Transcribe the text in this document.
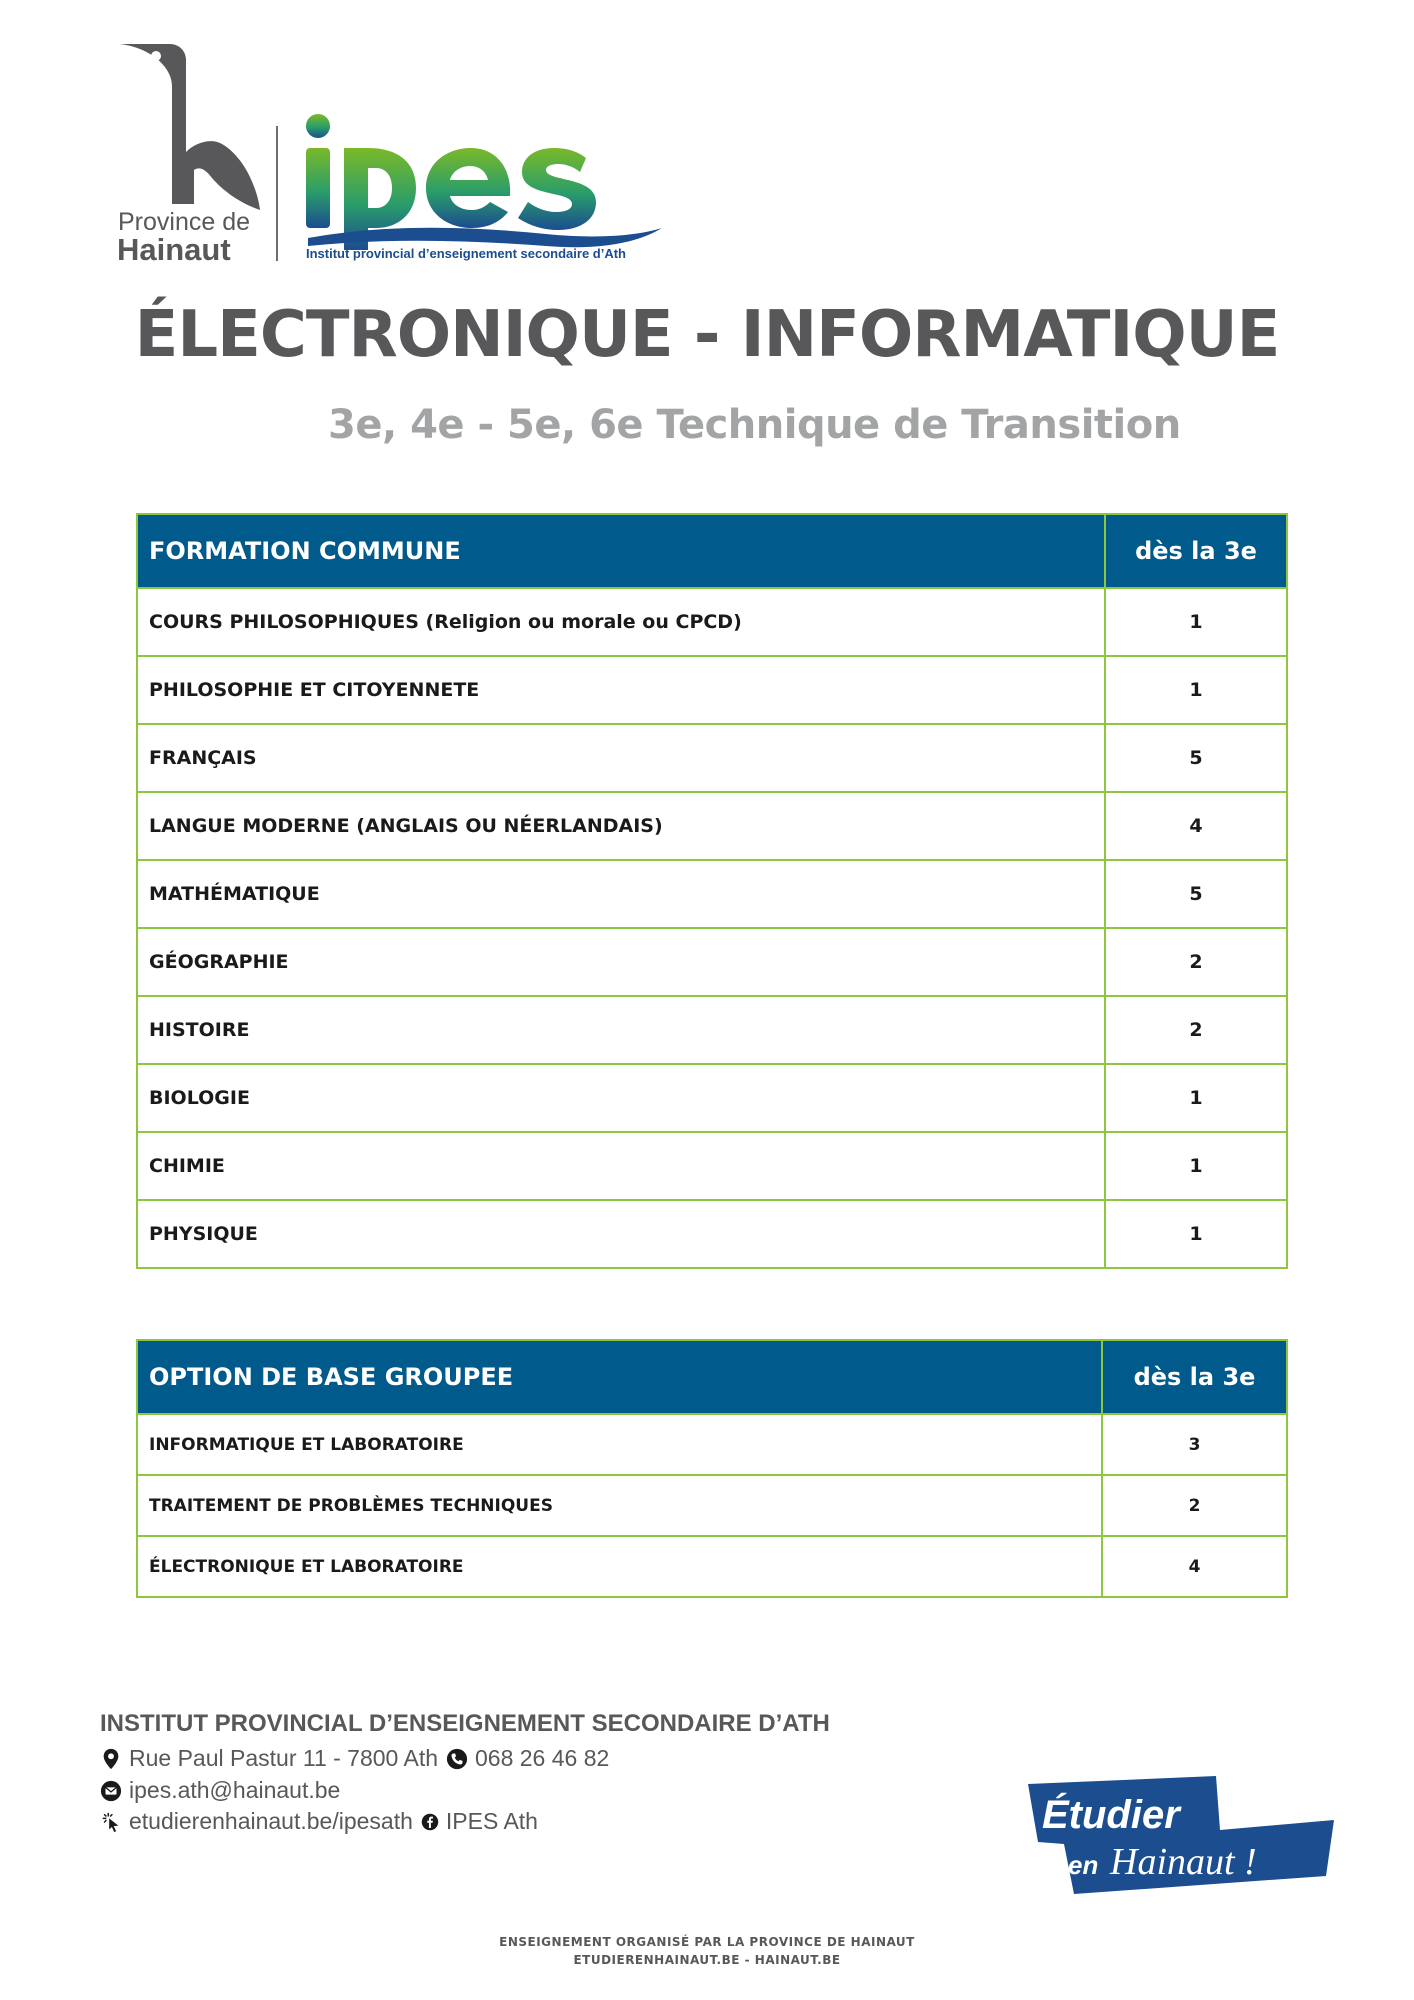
Province de
Hainaut	Institut provincial d’enseignement secondaire d’Ath
ÉLECTRONIQUE - INFORMATIQUE
3e, 4e - 5e, 6e Technique de Transition
FORMATION COMMUNE	dès la 3e
COURS PHILOSOPHIQUES (Religion ou morale ou CPCD)	1
PHILOSOPHIE ET CITOYENNETE	1
FRANÇAIS	5
LANGUE MODERNE (ANGLAIS OU NÉERLANDAIS)	4
MATHÉMATIQUE	5
GÉOGRAPHIE	2
HISTOIRE	2
BIOLOGIE	1
CHIMIE	1
PHYSIQUE	1
OPTION DE BASE GROUPEE	dès la 3e
INFORMATIQUE ET LABORATOIRE	3
TRAITEMENT DE PROBLÈMES TECHNIQUES	2
ÉLECTRONIQUE ET LABORATOIRE	4
INSTITUT PROVINCIAL D’ENSEIGNEMENT SECONDAIRE D’ATH
Rue Paul Pastur 11 - 7800 Ath 068 26 46 82
ipes.ath@hainaut.be
etudierenhainaut.be/ipesath IPES Ath	Étudier
en Hainaut !
ENSEIGNEMENT ORGANISÉ PAR LA PROVINCE DE HAINAUT
ETUDIERENHAINAUT.BE - HAINAUT.BE
